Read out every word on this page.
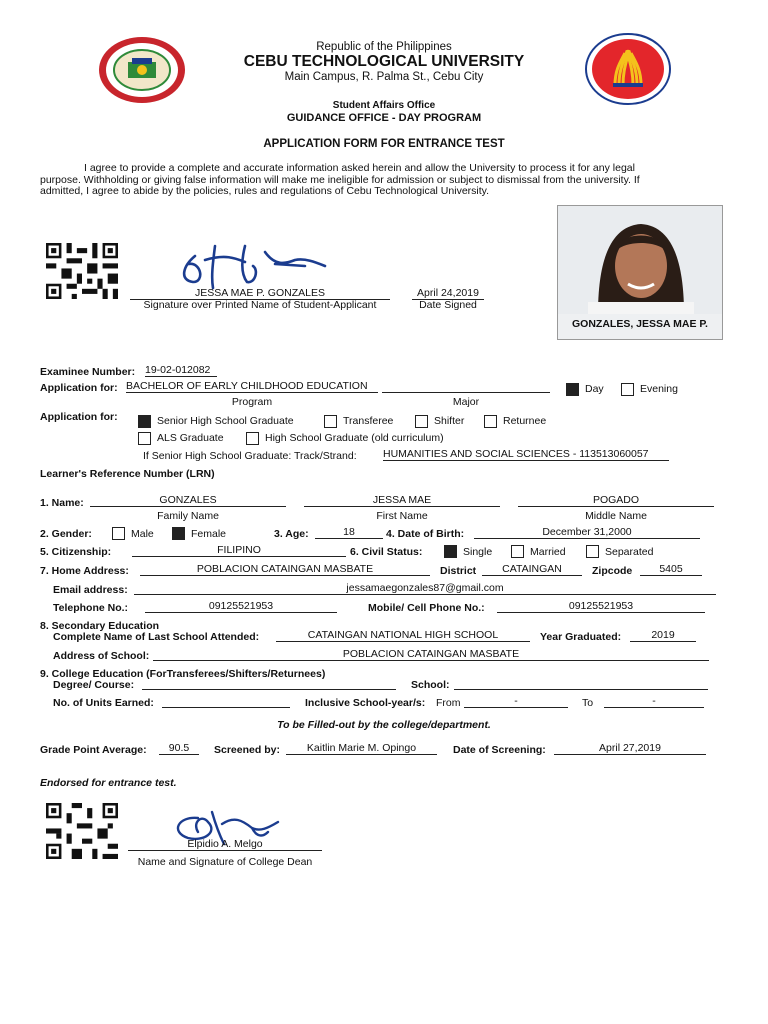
Republic of the Philippines
CEBU TECHNOLOGICAL UNIVERSITY
Main Campus, R. Palma St., Cebu City
Student Affairs Office
GUIDANCE OFFICE - DAY PROGRAM
APPLICATION FORM FOR ENTRANCE TEST
I agree to provide a complete and accurate information asked herein and allow the University to process it for any legal
purpose. Withholding or giving false information will make me ineligible for admission or subject to dismissal from the university. If
admitted, I agree to abide by the policies, rules and regulations of Cebu Technological University.
JESSA MAE P. GONZALES
Signature over Printed Name of Student-Applicant
April 24,2019
Date Signed
GONZALES, JESSA MAE P.
Examinee Number: 19-02-012082
Application for: BACHELOR OF EARLY CHILDHOOD EDUCATION
Program	Major
Day	Evening
Application for:	Senior High School Graduate	Transferee	Shifter	Returnee
ALS Graduate	High School Graduate (old curriculum)
If Senior High School Graduate: Track/Strand:	HUMANITIES AND SOCIAL SCIENCES - 113513060057
Learner's Reference Number (LRN)
1. Name:	GONZALES	JESSA MAE	POGADO
Family Name	First Name	Middle Name
2. Gender:	Male	Female	3. Age:	18	4. Date of Birth:	December 31,2000
5. Citizenship:	FILIPINO	6. Civil Status:	Single	Married	Separated
7. Home Address:	POBLACION CATAINGAN MASBATE	District	CATAINGAN	Zipcode	5405
Email address:	jessamaegonzales87@gmail.com
Telephone No.:	09125521953	Mobile/ Cell Phone No.:	09125521953
8. Secondary Education
Complete Name of Last School Attended:	CATAINGAN NATIONAL HIGH SCHOOL	Year Graduated:	2019
Address of School:	POBLACION CATAINGAN MASBATE
9. College Education (ForTransferees/Shifters/Returnees)
Degree/ Course:	School:
No. of Units Earned:	Inclusive School-year/s: From	-	To	-
To be Filled-out by the college/department.
Grade Point Average:	90.5	Screened by:	Kaitlin Marie M. Opingo	Date of Screening:	April 27,2019
Endorsed for entrance test.
Elpidio A. Melgo
Name and Signature of College Dean
